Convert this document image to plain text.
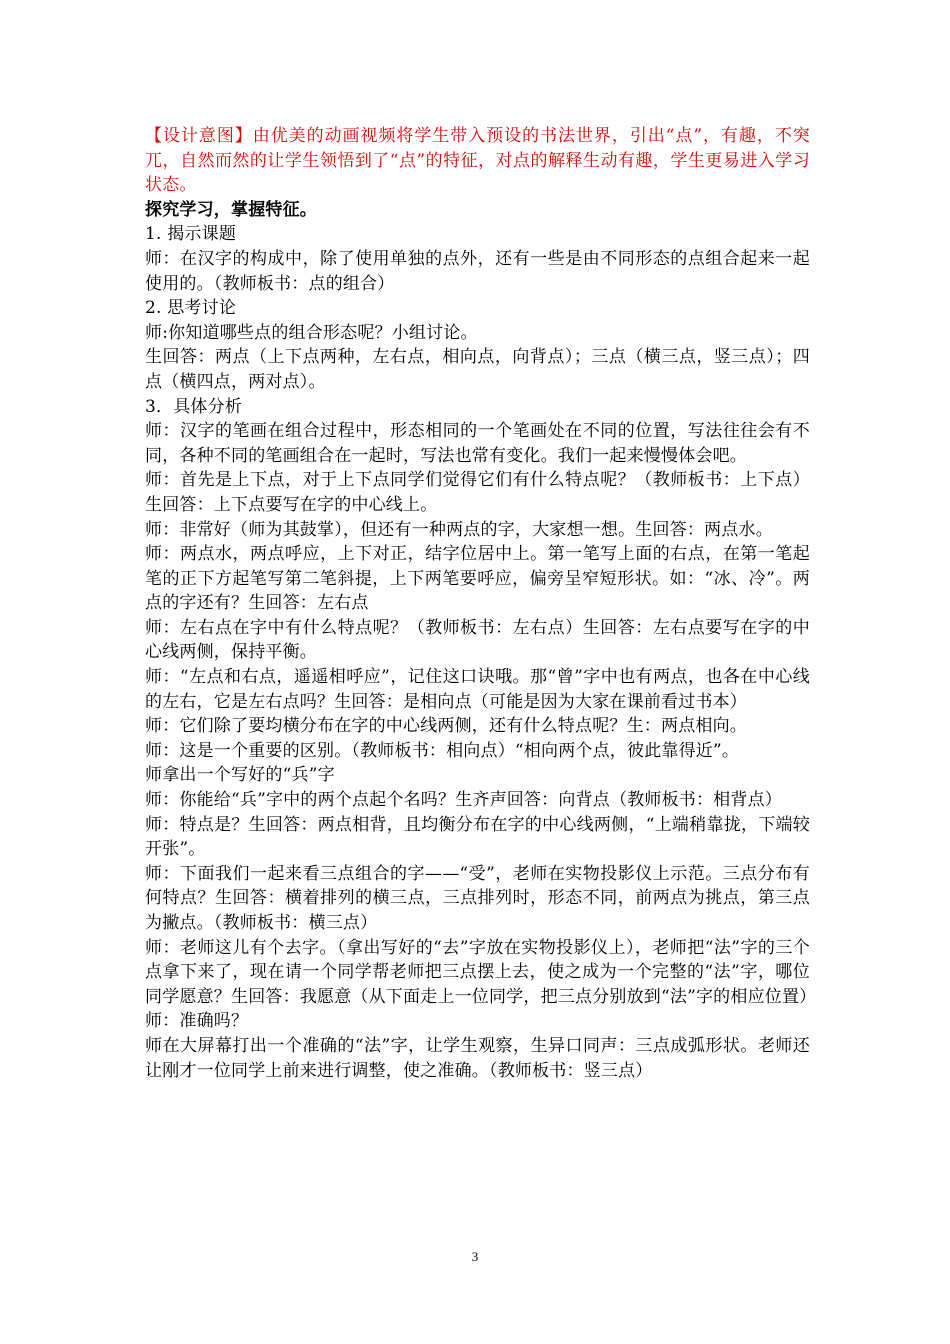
【设计意图】由优美的动画视频将学生带入预设的书法世界，引出“点”，有趣，不突兀，自然而然的让学生领悟到了“点”的特征，对点的解释生动有趣，学生更易进入学习状态。

探究学习，掌握特征。

1. 揭示课题

师：在汉字的构成中，除了使用单独的点外，还有一些是由不同形态的点组合起来一起使用的。（教师板书：点的组合）

2. 思考讨论

师:你知道哪些点的组合形态呢？小组讨论。

生回答：两点（上下点两种，左右点，相向点，向背点）；三点（横三点，竖三点）；四点（横四点，两对点）。

3．具体分析

师：汉字的笔画在组合过程中，形态相同的一个笔画处在不同的位置，写法往往会有不同，各种不同的笔画组合在一起时，写法也常有变化。我们一起来慢慢体会吧。

师：首先是上下点，对于上下点同学们觉得它们有什么特点呢？（教师板书：上下点）生回答：上下点要写在字的中心线上。

师：非常好（师为其鼓掌），但还有一种两点的字，大家想一想。生回答：两点水。

师：两点水，两点呼应，上下对正，结字位居中上。第一笔写上面的右点，在第一笔起笔的正下方起笔写第二笔斜提，上下两笔要呼应，偏旁呈窄短形状。如：“冰、冷”。两点的字还有？生回答：左右点

师：左右点在字中有什么特点呢？（教师板书：左右点）生回答：左右点要写在字的中心线两侧，保持平衡。

师：“左点和右点，遥遥相呼应”，记住这口诀哦。那“曾”字中也有两点，也各在中心线的左右，它是左右点吗？生回答：是相向点（可能是因为大家在课前看过书本）

师：它们除了要均横分布在字的中心线两侧，还有什么特点呢？生：两点相向。

师：这是一个重要的区别。（教师板书：相向点）“相向两个点，彼此靠得近”。

师拿出一个写好的“兵”字

师：你能给“兵”字中的两个点起个名吗？生齐声回答：向背点（教师板书：相背点）

师：特点是？生回答：两点相背，且均衡分布在字的中心线两侧，“上端稍靠拢，下端较开张”。

师：下面我们一起来看三点组合的字——“受”，老师在实物投影仪上示范。三点分布有何特点？生回答：横着排列的横三点，三点排列时，形态不同，前两点为挑点，第三点为撇点。（教师板书：横三点）

师：老师这儿有个去字。（拿出写好的“去”字放在实物投影仪上），老师把“法”字的三个点拿下来了，现在请一个同学帮老师把三点摆上去，使之成为一个完整的“法”字，哪位同学愿意？生回答：我愿意（从下面走上一位同学，把三点分别放到“法”字的相应位置）

师：准确吗？

师在大屏幕打出一个准确的“法”字，让学生观察，生异口同声：三点成弧形状。老师还让刚才一位同学上前来进行调整，使之准确。（教师板书：竖三点）

3
